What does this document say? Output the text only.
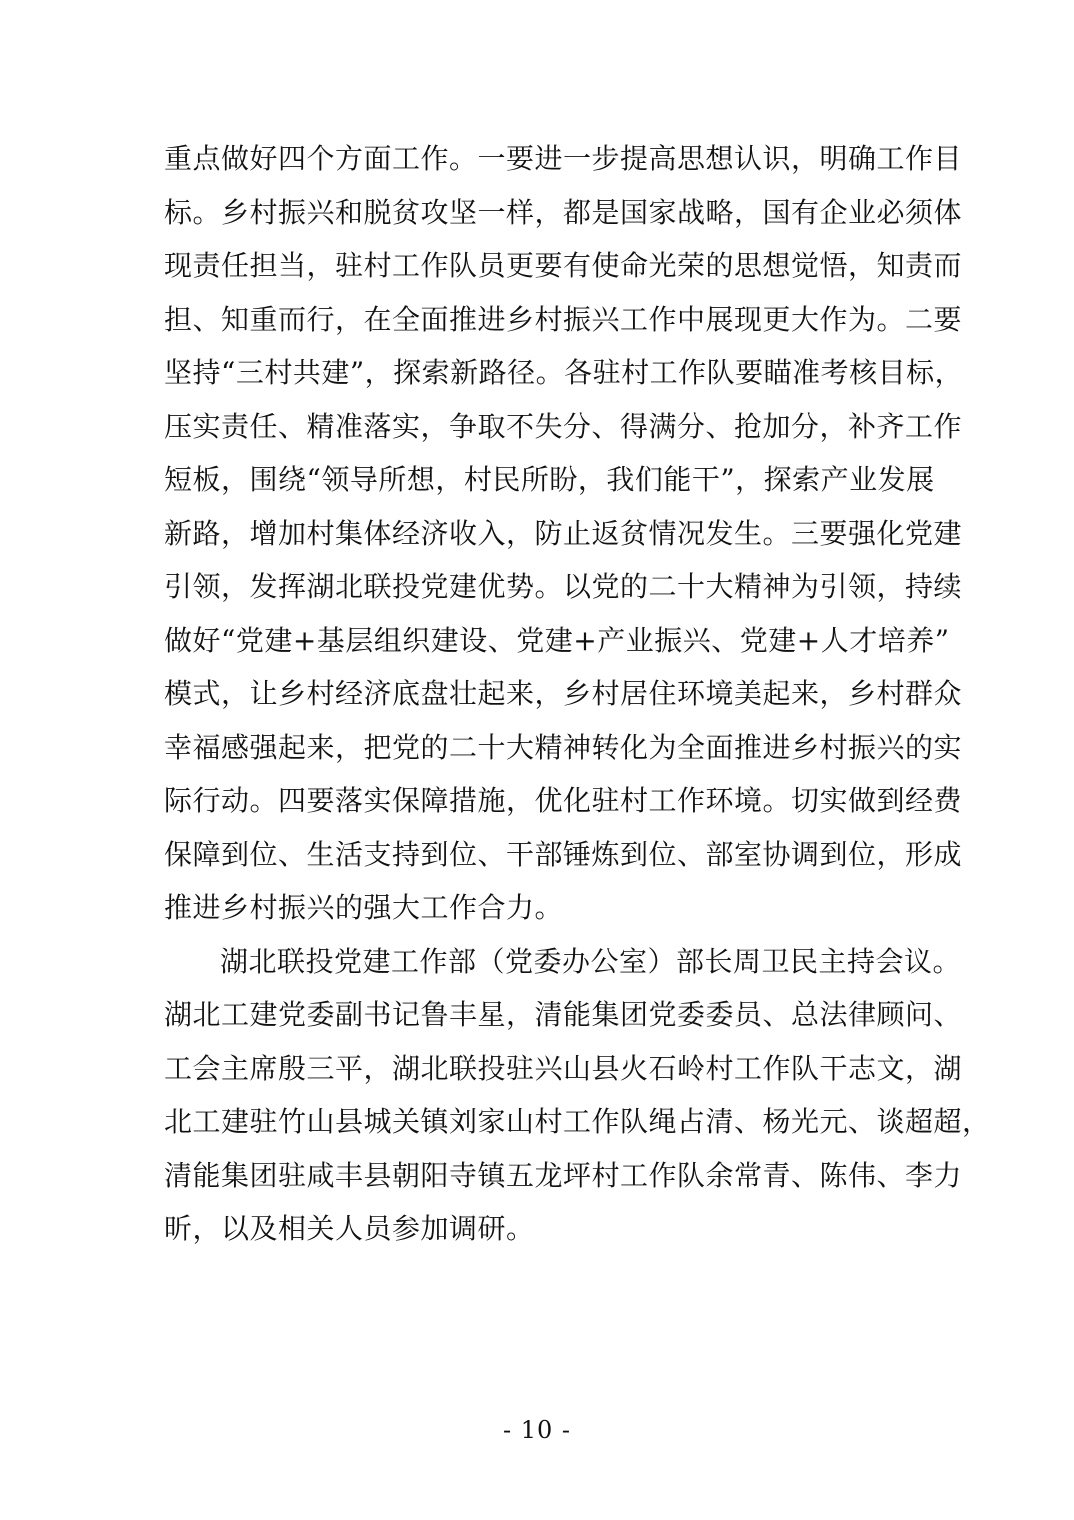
重点做好四个方面工作。一要进一步提高思想认识，明确工作目
标。乡村振兴和脱贫攻坚一样，都是国家战略，国有企业必须体
现责任担当，驻村工作队员更要有使命光荣的思想觉悟，知责而
担、知重而行，在全面推进乡村振兴工作中展现更大作为。二要
坚持“三村共建”，探索新路径。各驻村工作队要瞄准考核目标，
压实责任、精准落实，争取不失分、得满分、抢加分，补齐工作
短板，围绕“领导所想，村民所盼，我们能干”，探索产业发展
新路，增加村集体经济收入，防止返贫情况发生。三要强化党建
引领，发挥湖北联投党建优势。以党的二十大精神为引领，持续
做好“党建+基层组织建设、党建+产业振兴、党建+人才培养”
模式，让乡村经济底盘壮起来，乡村居住环境美起来，乡村群众
幸福感强起来，把党的二十大精神转化为全面推进乡村振兴的实
际行动。四要落实保障措施，优化驻村工作环境。切实做到经费
保障到位、生活支持到位、干部锤炼到位、部室协调到位，形成
推进乡村振兴的强大工作合力。
湖北联投党建工作部（党委办公室）部长周卫民主持会议。
湖北工建党委副书记鲁丰星，清能集团党委委员、总法律顾问、
工会主席殷三平，湖北联投驻兴山县火石岭村工作队干志文，湖
北工建驻竹山县城关镇刘家山村工作队绳占清、杨光元、谈超超，
清能集团驻咸丰县朝阳寺镇五龙坪村工作队余常青、陈伟、李力
昕，以及相关人员参加调研。
- 10 -
